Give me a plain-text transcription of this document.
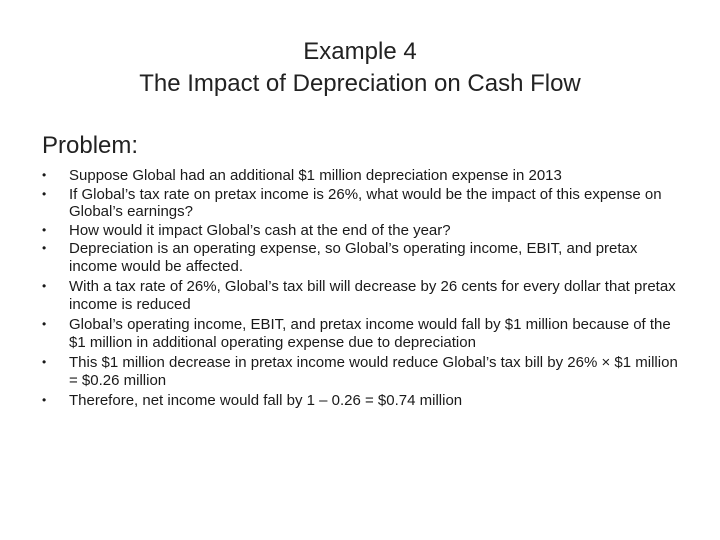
Example 4
The Impact of Depreciation on Cash Flow
Problem:
•	Suppose Global had an additional $1 million depreciation expense in 2013
•	If Global’s tax rate on pretax income is 26%, what would be the impact of this expense on Global’s earnings?
•	How would it impact Global’s cash at the end of the year?
•	Depreciation is an operating expense, so Global’s operating income, EBIT, and pretax income would be affected.
•	With a tax rate of 26%, Global’s tax bill will decrease by 26 cents for every dollar that pretax income is reduced
•	Global’s operating income, EBIT, and pretax income would fall by $1 million because of the $1 million in additional operating expense due to depreciation
•	This $1 million decrease in pretax income would reduce Global’s tax bill by 26% × $1 million = $0.26 million
•	Therefore, net income would fall by 1 – 0.26 = $0.74 million
